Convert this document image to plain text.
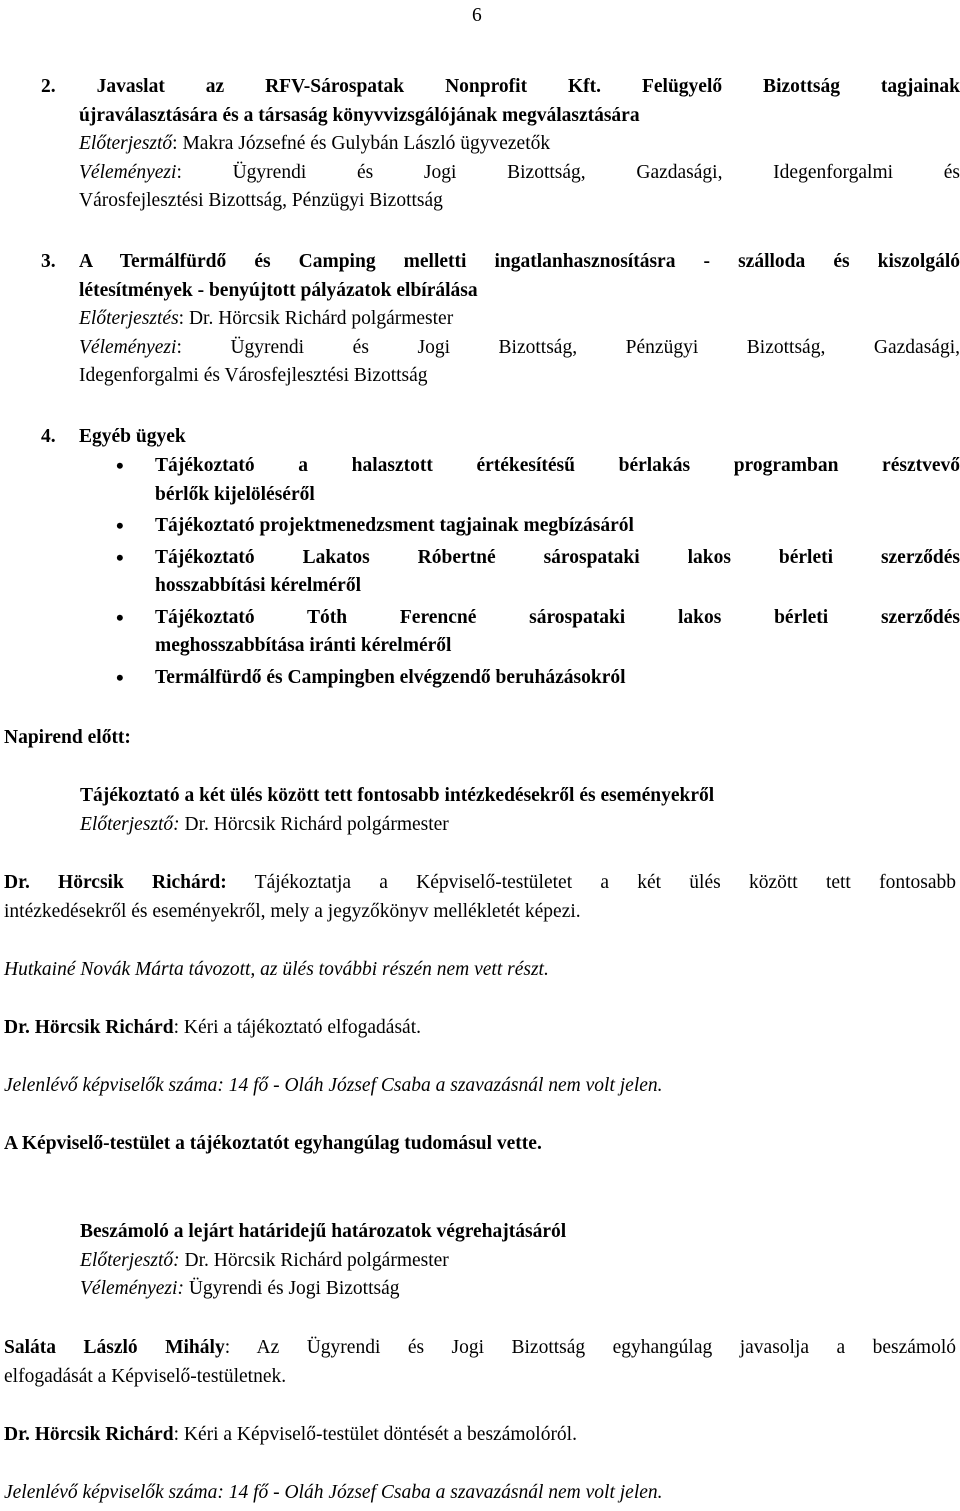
6
2. Javaslat az RFV-Sárospatak Nonprofit Kft. Felügyelő Bizottság tagjainak
újraválasztására és a társaság könyvvizsgálójának megválasztására
Előterjesztő: Makra Józsefné és Gulybán László ügyvezetők
Véleményezi: Ügyrendi és Jogi Bizottság, Gazdasági, Idegenforgalmi és
Városfejlesztési Bizottság, Pénzügyi Bizottság
3.	A Termálfürdő és Camping melletti ingatlanhasznosításra - szálloda és kiszolgáló
létesítmények - benyújtott pályázatok elbírálása
Előterjesztés: Dr. Hörcsik Richárd polgármester
Véleményezi: Ügyrendi és Jogi Bizottság, Pénzügyi Bizottság, Gazdasági,
Idegenforgalmi és Városfejlesztési Bizottság
4. Egyéb ügyek
• Tájékoztató a halasztott értékesítésű bérlakás programban résztvevő
bérlők kijelöléséről
• Tájékoztató projektmenedzsment tagjainak megbízásáról
• Tájékoztató Lakatos Róbertné sárospataki lakos bérleti szerződés
hosszabbítási kérelméről
• Tájékoztató Tóth Ferencné sárospataki lakos bérleti szerződés
meghosszabbítása iránti kérelméről
• Termálfürdő és Campingben elvégzendő beruházásokról
Napirend előtt:
Tájékoztató a két ülés között tett fontosabb intézkedésekről és eseményekről
Előterjesztő: Dr. Hörcsik Richárd polgármester
Dr. Hörcsik Richárd: Tájékoztatja a Képviselő-testületet a két ülés között tett fontosabb
intézkedésekről és eseményekről, mely a jegyzőkönyv mellékletét képezi.
Hutkainé Novák Márta távozott, az ülés további részén nem vett részt.
Dr. Hörcsik Richárd: Kéri a tájékoztató elfogadását.
Jelenlévő képviselők száma: 14 fő - Oláh József Csaba a szavazásnál nem volt jelen.
A Képviselő-testület a tájékoztatót egyhangúlag tudomásul vette.
Beszámoló a lejárt határidejű határozatok végrehajtásáról
Előterjesztő: Dr. Hörcsik Richárd polgármester
Véleményezi: Ügyrendi és Jogi Bizottság
Saláta László Mihály: Az Ügyrendi és Jogi Bizottság egyhangúlag javasolja a beszámoló
elfogadását a Képviselő-testületnek.
Dr. Hörcsik Richárd: Kéri a Képviselő-testület döntését a beszámolóról.
Jelenlévő képviselők száma: 14 fő - Oláh József Csaba a szavazásnál nem volt jelen.
